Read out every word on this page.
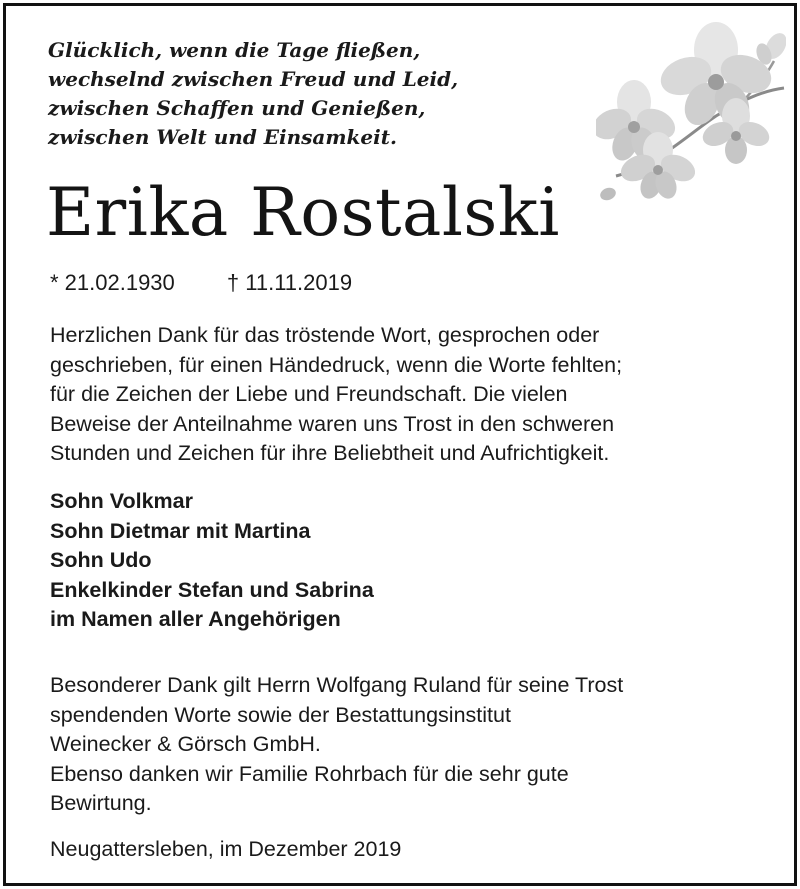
Glücklich, wenn die Tage fließen,
wechselnd zwischen Freud und Leid,
zwischen Schaffen und Genießen,
zwischen Welt und Einsamkeit.
Erika Rostalski
* 21.02.1930 † 11.11.2019
Herzlichen Dank für das tröstende Wort, gesprochen oder
geschrieben, für einen Händedruck, wenn die Worte fehlten;
für die Zeichen der Liebe und Freundschaft. Die vielen
Beweise der Anteilnahme waren uns Trost in den schweren
Stunden und Zeichen für ihre Beliebtheit und Aufrichtigkeit.
Sohn Volkmar
Sohn Dietmar mit Martina
Sohn Udo
Enkelkinder Stefan und Sabrina
im Namen aller Angehörigen
Besonderer Dank gilt Herrn Wolfgang Ruland für seine Trost
spendenden Worte sowie der Bestattungsinstitut
Weinecker & Görsch GmbH.
Ebenso danken wir Familie Rohrbach für die sehr gute
Bewirtung.
Neugattersleben, im Dezember 2019
